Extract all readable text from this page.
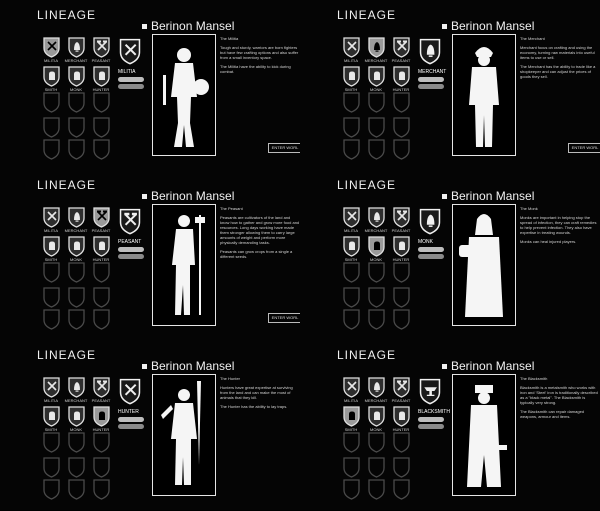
LINEAGE
Berinon Mansel
MILITIA	MERCHANT	PEASANT
SMITH	MONK	HUNTER
MILITIA

The Militia

Tough and sturdy, warriors are born fighters but have few crafting options and also suffer from a small inventory space.

The Militia have the ability to kick during combat.

ENTER WORL
LINEAGE
Berinon Mansel
MILITIA	MERCHANT	PEASANT
SMITH	MONK	HUNTER
MERCHANT

The Merchant

Merchant focus on crafting and using the economy, turning raw materials into useful items to use or sell.

The Merchant has the ability to trade like a shopkeeper and can adjust the prices of goods they sell.

ENTER WORL
LINEAGE
Berinon Mansel
MILITIA	MERCHANT	PEASANT
SMITH	MONK	HUNTER
PEASANT

The Peasant

Peasants are cultivators of the land and know how to gather and grow more food and resources. Long days working have made them stronger allowing them to carry large amounts of weight and perform more physically demanding tasks.

Peasants can grow crops from a single a different seeds.

ENTER WORL
LINEAGE
Berinon Mansel
MILITIA	MERCHANT	PEASANT
SMITH	MONK	HUNTER
MONK

The Monk

Monks are important in helping stop the spread of infection, they can craft remedies to help prevent infection. They also have expertise in treating wounds.

Monks can heal injured players.

LINEAGE
Berinon Mansel
MILITIA	MERCHANT	PEASANT
SMITH	MONK	HUNTER
HUNTER

The Hunter

Hunters have great expertise at surviving from the land and can make the most of animals that they kill.

The Hunter has the ability to lay traps.

LINEAGE
Berinon Mansel
MILITIA	MERCHANT	PEASANT
SMITH	MONK	HUNTER
BLACKSMITH

The Blacksmith

Blacksmith is a metalsmith who works with iron and 'Steel' iron is traditionally described as a "black metal". The Blacksmith is typically very strong.

The Blacksmith can repair damaged weapons, armour and items.
